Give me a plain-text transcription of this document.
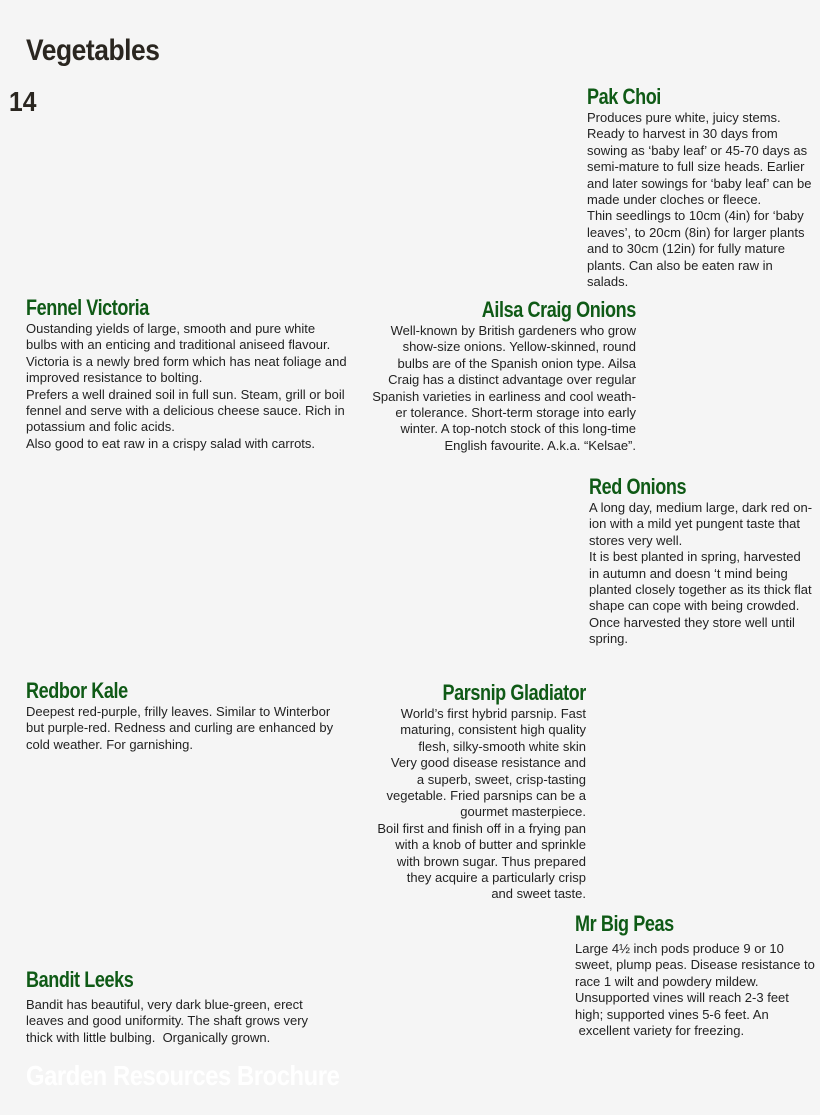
Vegetables
14	Pak Choi

Produces pure white, juicy stems.
Ready to harvest in 30 days from
sowing as ‘baby leaf’ or 45-70 days as
semi-mature to full size heads. Earlier
and later sowings for ‘baby leaf’ can be
made under cloches or fleece.
Thin seedlings to 10cm (4in) for ‘baby
leaves’, to 20cm (8in) for larger plants
and to 30cm (12in) for fully mature
plants. Can also be eaten raw in salads.

Fennel Victoria

Oustanding yields of large, smooth and pure white
bulbs with an enticing and traditional aniseed flavour.
Victoria is a newly bred form which has neat foliage and
improved resistance to bolting.
Prefers a well drained soil in full sun. Steam, grill or boil
fennel and serve with a delicious cheese sauce. Rich in
potassium and folic acids.
Also good to eat raw in a crispy salad with carrots.

Ailsa Craig Onions

Well-known by British gardeners who grow
show-size onions. Yellow-skinned, round
bulbs are of the Spanish onion type. Ailsa
Craig has a distinct advantage over regular
Spanish varieties in earliness and cool weath-
er tolerance. Short-term storage into early
winter. A top-notch stock of this long-time
English favourite. A.k.a. “Kelsae”.

Red Onions

A long day, medium large, dark red on-
ion with a mild yet pungent taste that
stores very well.
It is best planted in spring, harvested
in autumn and doesn ‘t mind being
planted closely together as its thick flat
shape can cope with being crowded.
Once harvested they store well until
spring.

Redbor Kale

Deepest red-purple, frilly leaves. Similar to Winterbor
but purple-red. Redness and curling are enhanced by
cold weather. For garnishing.

Parsnip Gladiator

World’s first hybrid parsnip. Fast
maturing, consistent high quality
flesh, silky-smooth white skin
Very good disease resistance and
a superb, sweet, crisp-tasting
vegetable. Fried parsnips can be a
gourmet masterpiece.
Boil first and finish off in a frying pan
with a knob of butter and sprinkle
with brown sugar. Thus prepared
they acquire a particularly crisp
and sweet taste.

Mr Big Peas

Large 4½ inch pods produce 9 or 10
sweet, plump peas. Disease resistance to
race 1 wilt and powdery mildew.
Unsupported vines will reach 2-3 feet
high; supported vines 5-6 feet. An
excellent variety for freezing.

Bandit Leeks

Bandit has beautiful, very dark blue-green, erect
leaves and good uniformity. The shaft grows very
thick with little bulbing.  Organically grown.

Garden Resources Brochure
